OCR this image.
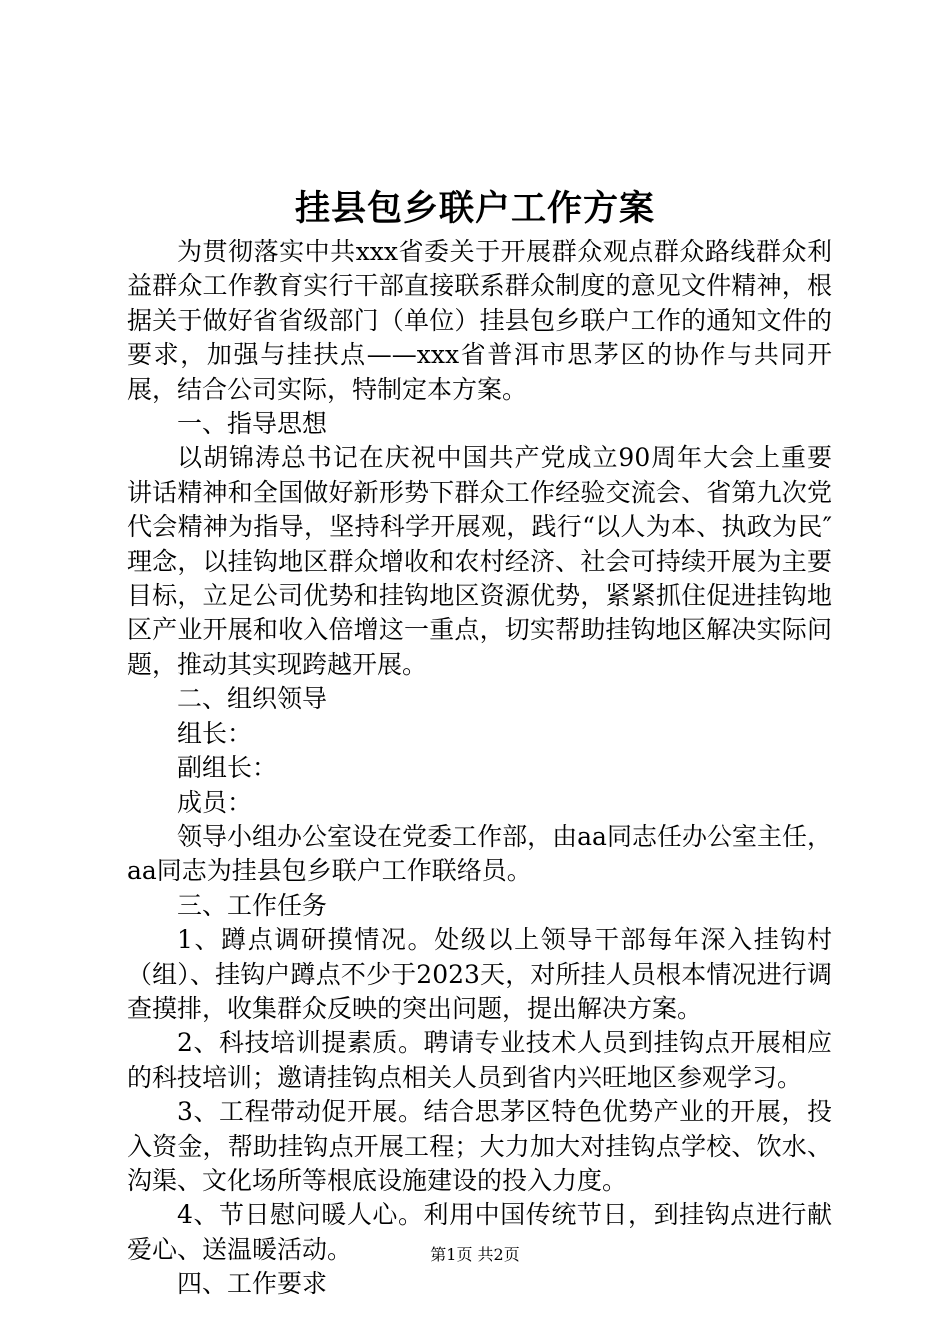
挂县包乡联户工作方案

为贯彻落实中共xxx省委关于开展群众观点群众路线群众利益群众工作教育实行干部直接联系群众制度的意见文件精神，根据关于做好省省级部门（单位）挂县包乡联户工作的通知文件的要求，加强与挂扶点——xxx省普洱市思茅区的协作与共同开展，结合公司实际，特制定本方案。

一、指导思想

以胡锦涛总书记在庆祝中国共产党成立90周年大会上重要讲话精神和全国做好新形势下群众工作经验交流会、省第九次党代会精神为指导，坚持科学开展观，践行“以人为本、执政为民″理念，以挂钩地区群众增收和农村经济、社会可持续开展为主要目标，立足公司优势和挂钩地区资源优势，紧紧抓住促进挂钩地区产业开展和收入倍增这一重点，切实帮助挂钩地区解决实际问题，推动其实现跨越开展。

二、组织领导

组长：

副组长：

成员：

领导小组办公室设在党委工作部，由aa同志任办公室主任，aa同志为挂县包乡联户工作联络员。

三、工作任务

1、蹲点调研摸情况。处级以上领导干部每年深入挂钩村（组）、挂钩户蹲点不少于2023天，对所挂人员根本情况进行调查摸排，收集群众反映的突出问题，提出解决方案。

2、科技培训提素质。聘请专业技术人员到挂钩点开展相应的科技培训；邀请挂钩点相关人员到省内兴旺地区参观学习。

3、工程带动促开展。结合思茅区特色优势产业的开展，投入资金，帮助挂钩点开展工程；大力加大对挂钩点学校、饮水、沟渠、文化场所等根底设施建设的投入力度。

4、节日慰问暖人心。利用中国传统节日，到挂钩点进行献爱心、送温暖活动。

四、工作要求

第1页 共2页
